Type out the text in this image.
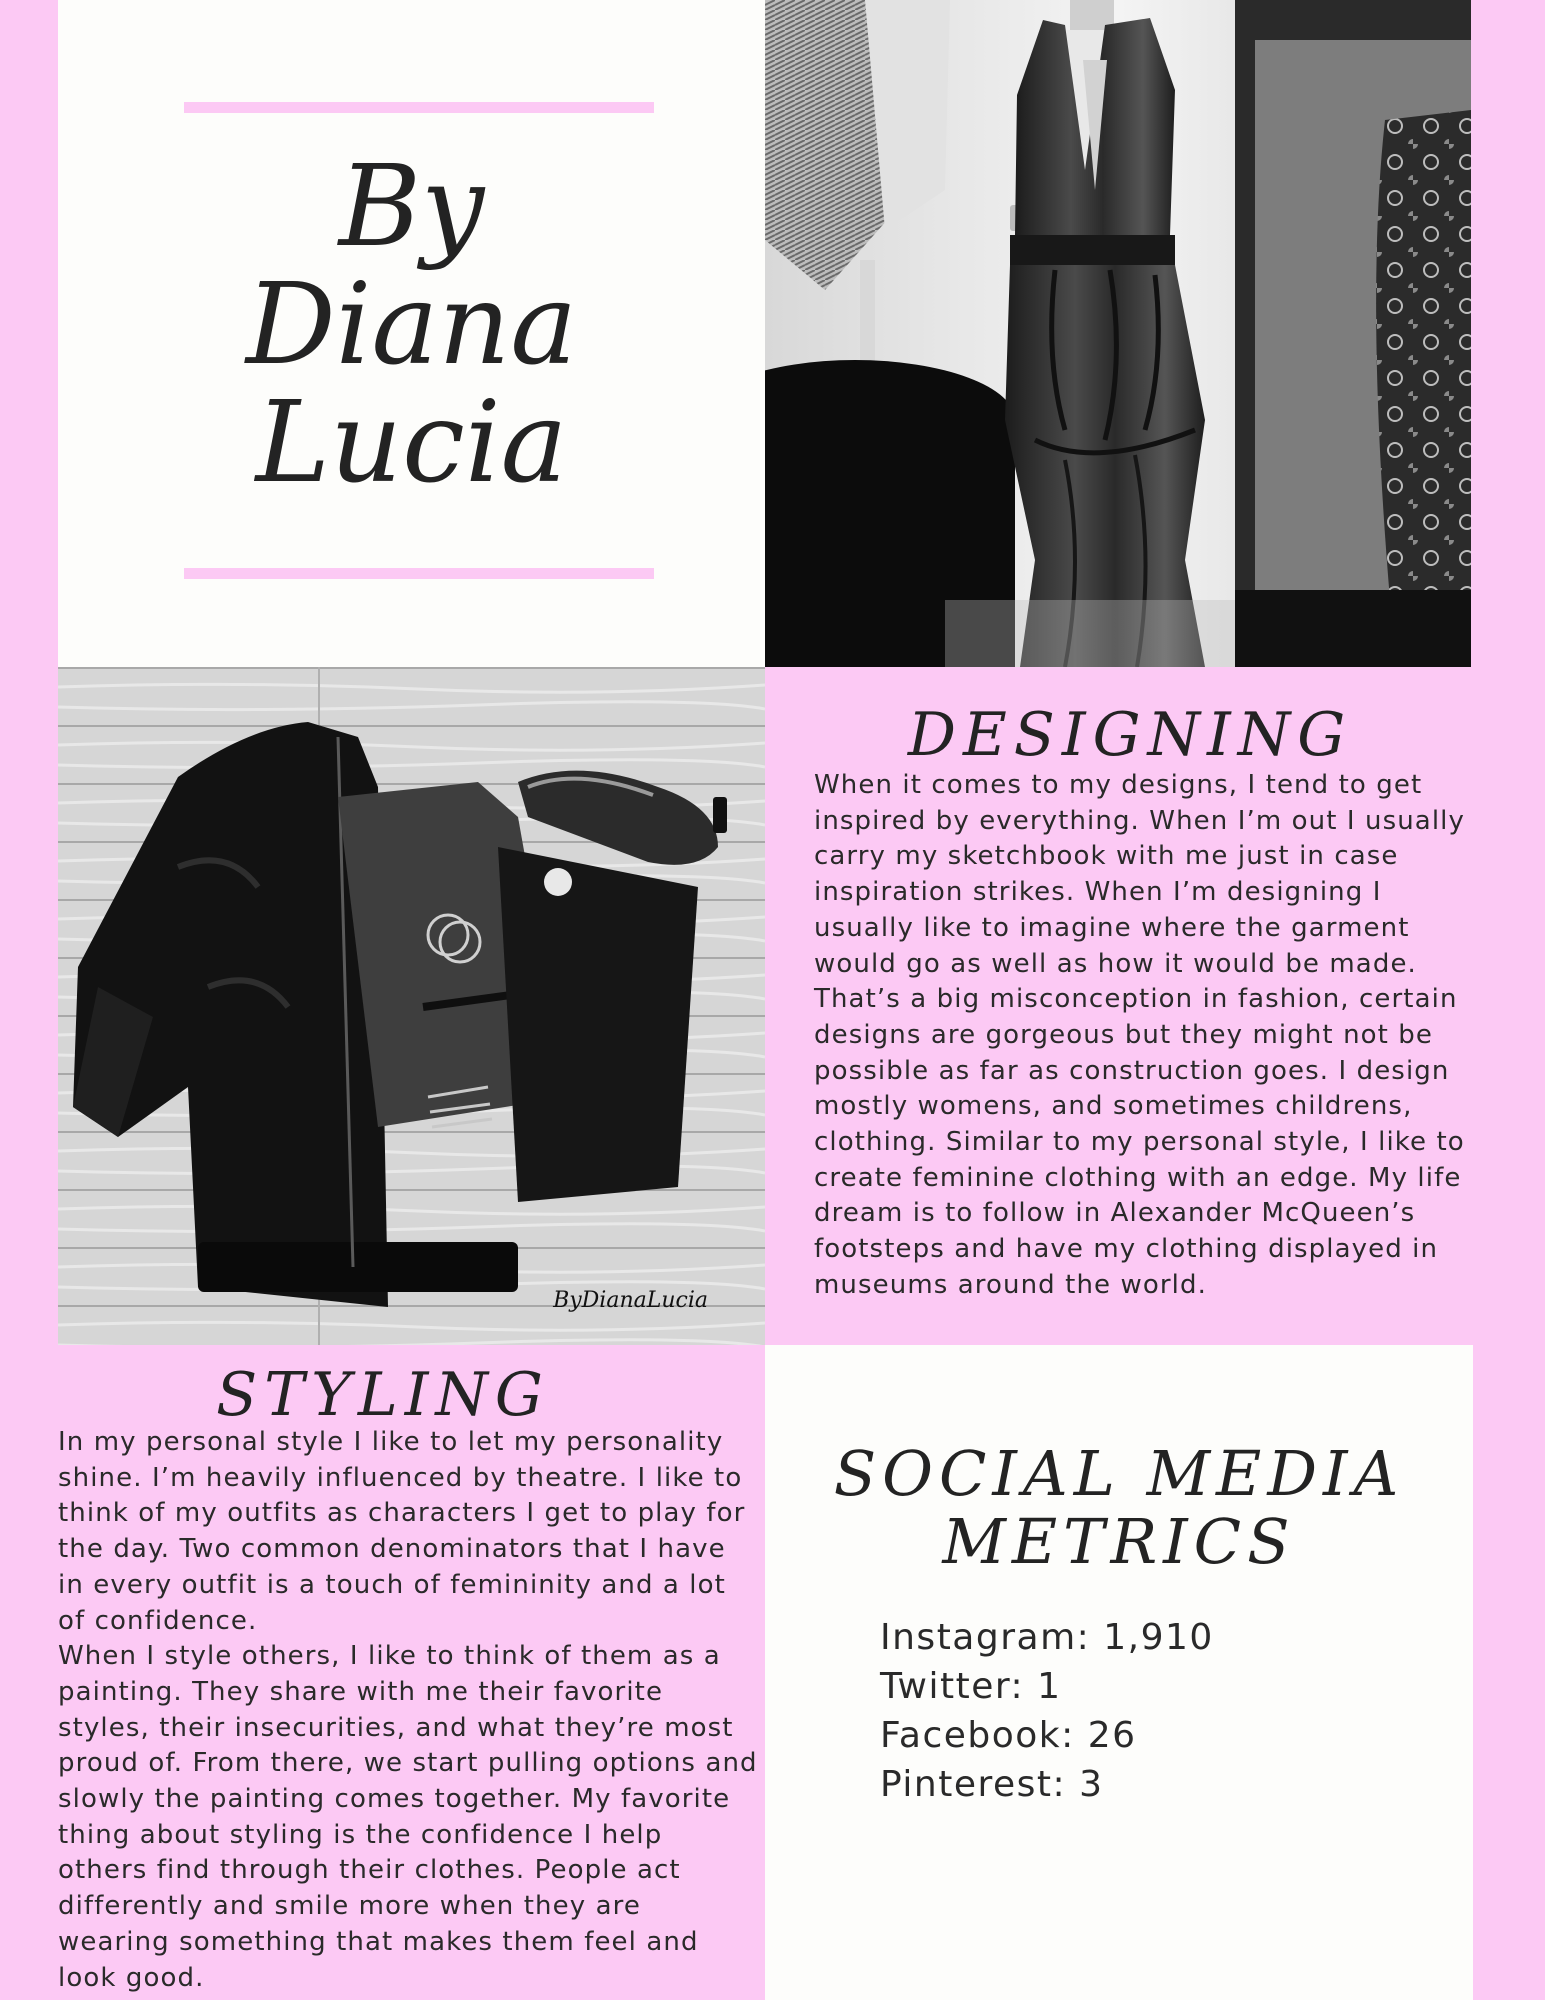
By
Diana
Lucia
ByDianaLucia
DESIGNING

When it comes to my designs, I tend to get inspired by everything. When I’m out I usually carry my sketchbook with me just in case inspiration strikes. When I’m designing I usually like to imagine where the garment would go as well as how it would be made. That’s a big misconception in fashion, certain designs are gorgeous but they might not be possible as far as construction goes. I design mostly womens, and sometimes childrens, clothing. Similar to my personal style, I like to create feminine clothing with an edge. My life dream is to follow in Alexander McQueen’s footsteps and have my clothing displayed in museums around the world.

STYLING

In my personal style I like to let my personality shine. I’m heavily influenced by theatre. I like to think of my outfits as characters I get to play for the day. Two common denominators that I have in every outfit is a touch of femininity and a lot of confidence.

When I style others, I like to think of them as a painting. They share with me their favorite styles, their insecurities, and what they’re most proud of. From there, we start pulling options and slowly the painting comes together. My favorite thing about styling is the confidence I help others find through their clothes. People act differently and smile more when they are wearing something that makes them feel and look good.

SOCIAL MEDIA
METRICS
Instagram: 1,910
Twitter: 1
Facebook: 26
Pinterest: 3
